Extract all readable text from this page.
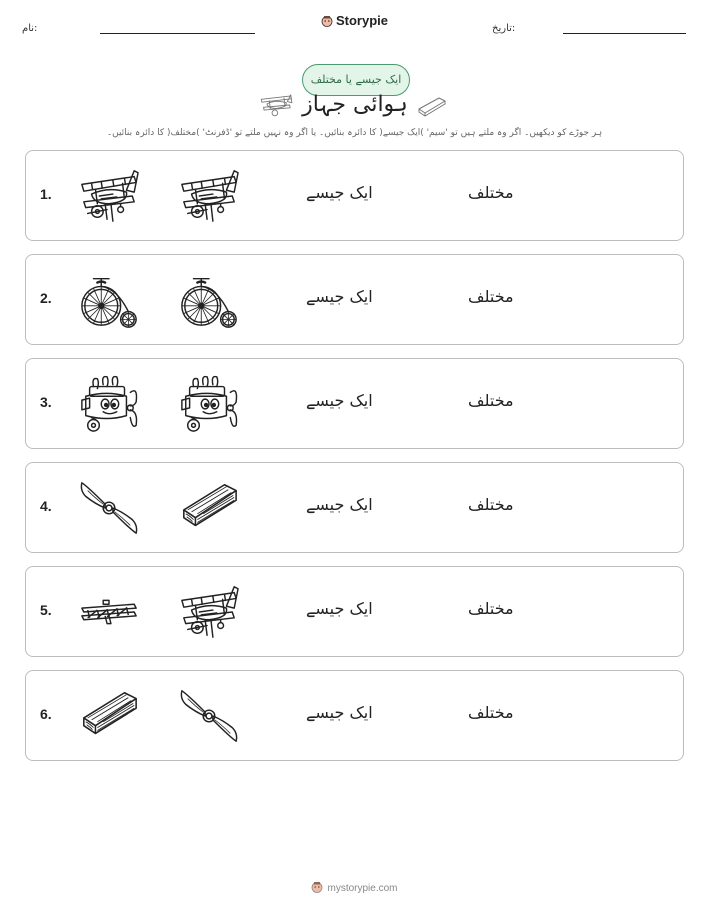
نام:
Storypie
تاریخ:
ایک جیسے یا مختلف
ہوائی جہاز
ہر جوڑے کو دیکھیں۔ اگر وہ ملتے ہیں تو 'سیم' )ایک جیسے( کا دائرہ بنائیں۔ یا اگر وہ نہیں ملتے تو 'ڈفرنٹ' )مختلف( کا دائرہ بنائیں۔
1.	ایک جیسے	مختلف
2.	ایک جیسے	مختلف
3.	ایک جیسے	مختلف
4.	ایک جیسے	مختلف
5.	ایک جیسے	مختلف
6.	ایک جیسے	مختلف
mystorypie.com
